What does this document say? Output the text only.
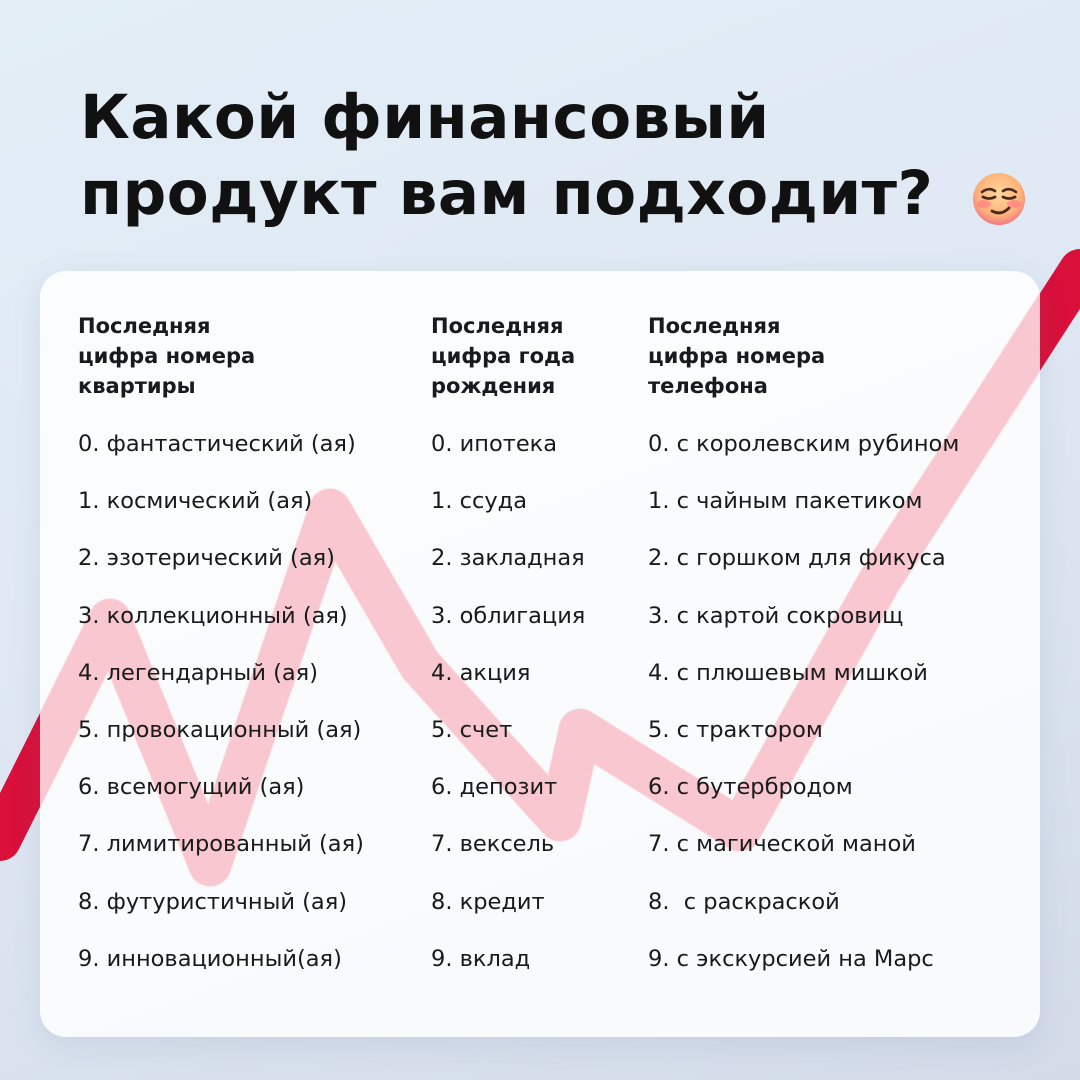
Какой финансовый
продукт вам подходит?
Последняя
цифра номера
квартиры
0. фантастический (ая)
1. космический (ая)
2. эзотерический (ая)
3. коллекционный (ая)
4. легендарный (ая)
5. провокационный (ая)
6. всемогущий (ая)
7. лимитированный (ая)
8. футуристичный (ая)
9. инновационный(ая)
Последняя
цифра года
рождения
0. ипотека
1. ссуда
2. закладная
3. облигация
4. акция
5. счет
6. депозит
7. вексель
8. кредит
9. вклад
Последняя
цифра номера
телефона
0. с королевским рубином
1. с чайным пакетиком
2. с горшком для фикуса
3. с картой сокровищ
4. с плюшевым мишкой
5. с трактором
6. с бутербродом
7. с магической маной
8.  с раскраской
9. с экскурсией на Марс
